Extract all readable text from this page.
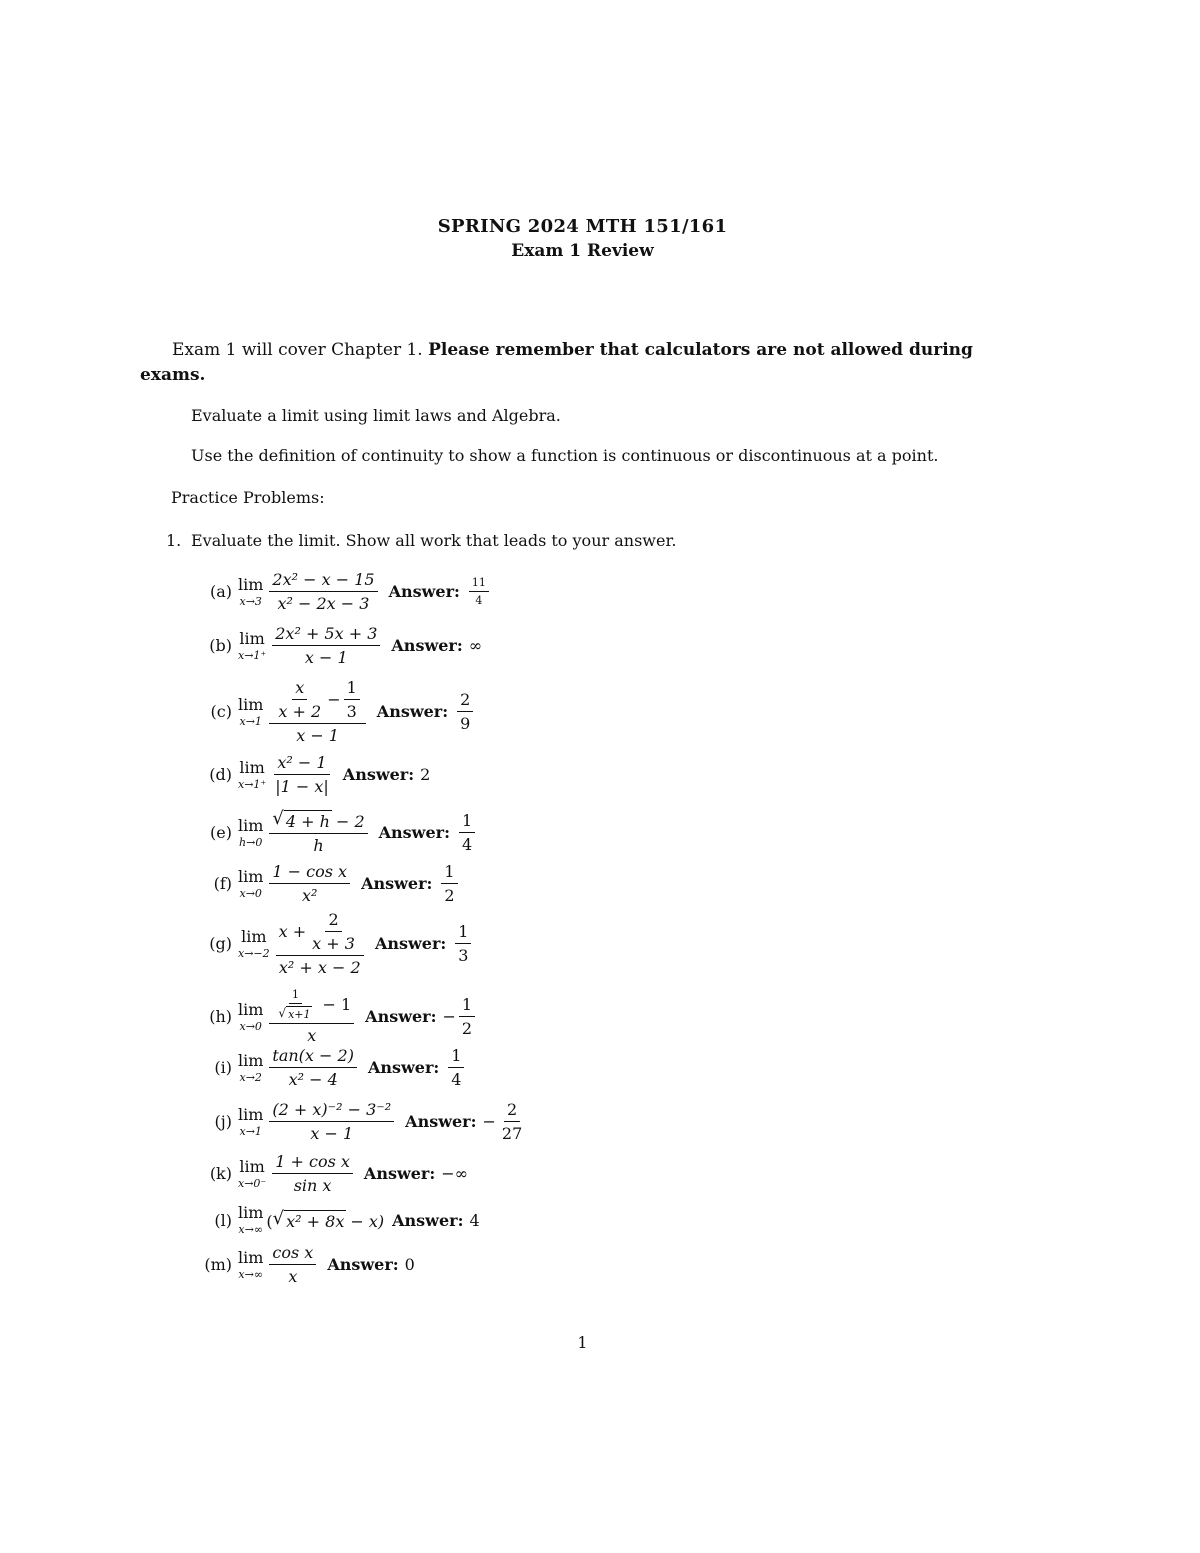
SPRING 2024 MTH 151/161
Exam 1 Review
Exam 1 will cover Chapter 1. Please remember that calculators are not allowed during exams.
Evaluate a limit using limit laws and Algebra.
Use the definition of continuity to show a function is continuous or discontinuous at a point.
Practice Problems:
1. Evaluate the limit. Show all work that leads to your answer.
(a) lim
$x\to 3 \frac{\text{2x² − x − 15}}{\text{x² − 2x − 3}}$ Answer: $\frac{11}{4}$
(b) lim
$x\to 1^+ \frac{\text{2x² + 5x + 3}}{x - 1}$ Answer: ∞
(c) lim
$x\to 1 \frac{\frac{x}{x + 2} - \frac{1}{3}}{x - 1}$ Answer: $\frac{2}{9}$
(d) lim
$x\to 1^+ \frac{\text{x² − 1}}{|1 - x|}$ Answer: 2
(e) lim
$h\to 0 \frac{√ 4 + h - 2}{h}$ Answer: $\frac{1}{4}$
(f) lim
$x\to 0 \frac{\text{1 − cos x}}{\text{x²}}$ Answer: $\frac{1}{2}$
(g) lim
$x\to-2 \frac{x + \frac{2}{x + 3}}{\text{x² + x − 2}}$ Answer: $\frac{1}{3}$
(h) lim
$x\to 0 \frac{\frac{1}{√ x+1} - 1}{x}$ Answer: − $\frac{1}{2}$
(i) lim
$x\to 2 \frac{\tan(x - 2)}{\text{x² − 4}}$ Answer: $\frac{1}{4}$
(j) lim
$x\to 1 \frac{\text{(2 + x)⁻² − 3⁻²}}{x - 1}$ Answer: − $\frac{2}{27}$
(k) lim
$x\to 0^- \frac{\text{1 + cos x}}{\text{sin x}}$ Answer: −∞
(l) lim
x→∞ ( √ x² + 8x − x) Answer: 4
(m) lim
$x\to\infty \frac{\text{cos x}}{x}$ Answer: 0
1
